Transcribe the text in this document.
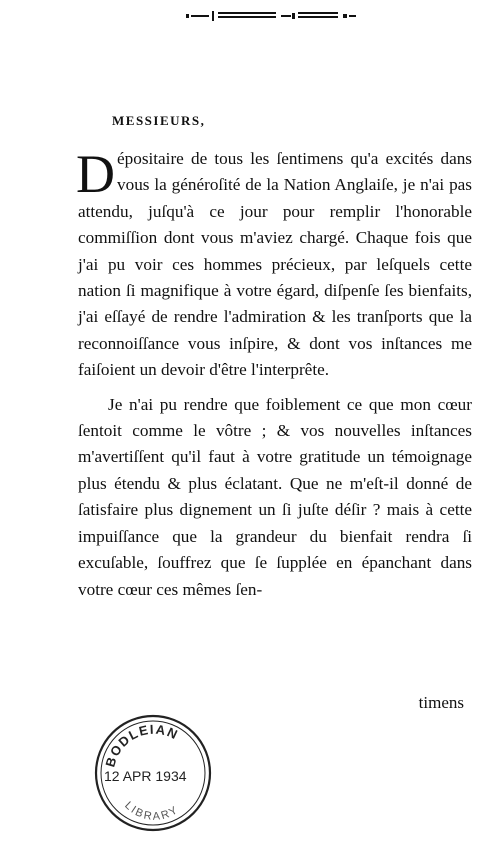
MESSIEURS,

Dépositaire de tous les ſentimens qu'a excités dans vous la généroſité de la Nation Anglaiſe, je n'ai pas attendu, juſqu'à ce jour pour remplir l'honorable commiſſion dont vous m'aviez chargé. Chaque fois que j'ai pu voir ces hommes précieux, par leſquels cette nation ſi magnifique à votre égard, diſpenſe ſes bienfaits, j'ai eſſayé de rendre l'admiration & les tranſports que la reconnoiſſance vous inſpire, & dont vos inſtances me faiſoient un devoir d'être l'interprête.

Je n'ai pu rendre que foiblement ce que mon cœur ſentoit comme le vôtre ; & vos nouvelles inſtances m'avertiſſent qu'il faut à votre gratitude un témoignage plus étendu & plus éclatant. Que ne m'eſt-il donné de ſatisfaire plus dignement un ſi juſte déſir ? mais à cette impuiſſance que la grandeur du bienfait rendra ſi excuſable, ſouffrez que ſe ſupplée en épanchant dans votre cœur ces mêmes ſen-

timens
BODLEIAN
12 APR 1934
LIBRARY
